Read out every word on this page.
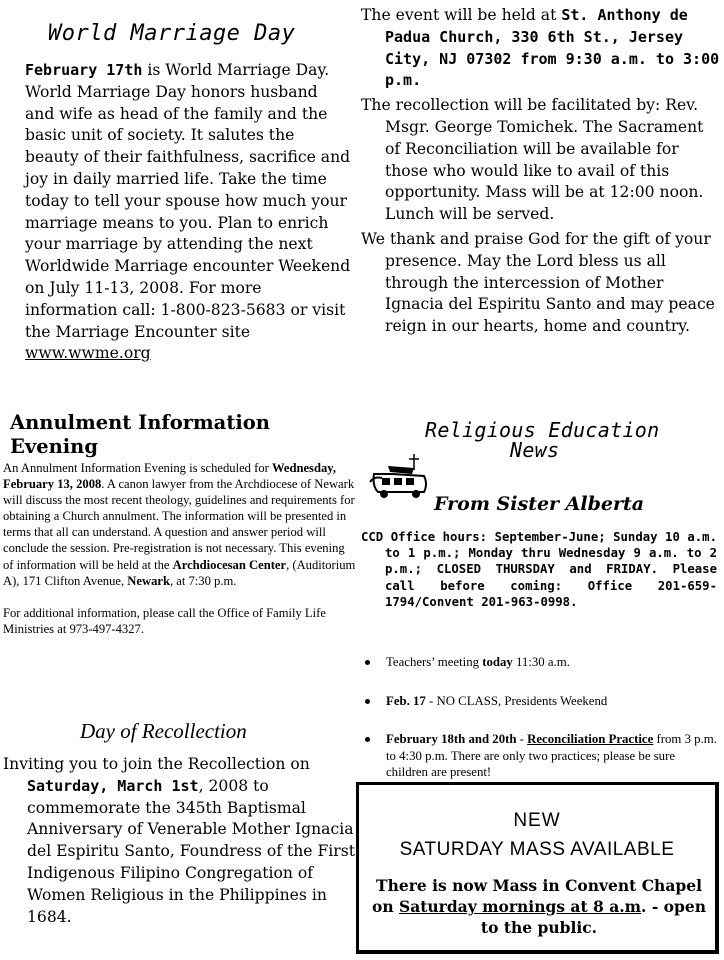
World Marriage Day
February 17th is World Marriage Day. World Marriage Day honors husband and wife as head of the family and the basic unit of society. It salutes the beauty of their faithfulness, sacrifice and joy in daily married life. Take the time today to tell your spouse how much your marriage means to you. Plan to enrich your marriage by attending the next Worldwide Marriage encounter Weekend on July 11-13, 2008. For more information call: 1-800-823-5683 or visit the Marriage Encounter site www.wwme.org
Annulment Information Evening

An Annulment Information Evening is scheduled for Wednesday, February 13, 2008. A canon lawyer from the Archdiocese of Newark will discuss the most recent theology, guidelines and requirements for obtaining a Church annulment. The information will be presented in terms that all can understand. A question and answer period will conclude the session. Pre-registration is not necessary. This evening of information will be held at the Archdiocesan Center, (Auditorium A), 171 Clifton Avenue, Newark, at 7:30 p.m.

For additional information, please call the Office of Family Life Ministries at 973-497-4327.

Day of Recollection

Inviting you to join the Recollection on Saturday, March 1st, 2008 to commemorate the 345th Baptismal Anniversary of Venerable Mother Ignacia del Espiritu Santo, Foundress of the First Indigenous Filipino Congregation of Women Religious in the Philippines in 1684.

The event will be held at St. Anthony de Padua Church, 330 6th St., Jersey City, NJ 07302 from 9:30 a.m. to 3:00 p.m.

The recollection will be facilitated by: Rev. Msgr. George Tomichek. The Sacrament of Reconciliation will be available for those who would like to avail of this opportunity. Mass will be at 12:00 noon. Lunch will be served.

We thank and praise God for the gift of your presence. May the Lord bless us all through the intercession of Mother Ignacia del Espiritu Santo and may peace reign in our hearts, home and country.

Religious Education
News
From Sister Alberta

CCD Office hours: September-June; Sunday 10 a.m. to 1 p.m.; Monday thru Wednesday 9 a.m. to 2 p.m.; CLOSED THURSDAY and FRIDAY. Please call before coming: Office 201-659-1794/Convent 201-963-0998.

Teachers’ meeting today 11:30 a.m.
Feb. 17 - NO CLASS, Presidents Weekend
February 18th and 20th - Reconciliation Practice from 3 p.m. to 4:30 p.m. There are only two practices; please be sure children are present!
NEW
SATURDAY MASS AVAILABLE
There is now Mass in Convent Chapel on Saturday mornings at 8 a.m. - open to the public.
